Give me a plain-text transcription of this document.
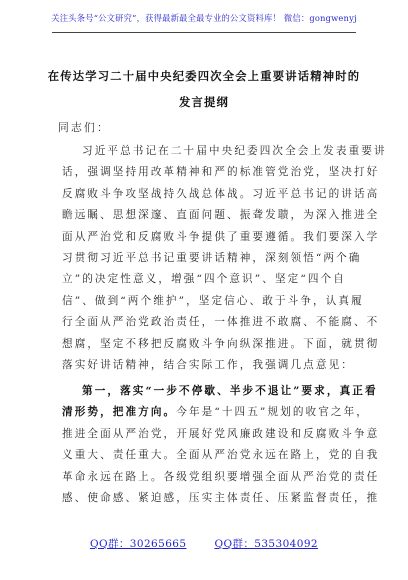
关注头条号“公文研究”，获得最新最全最专业的公文资料库！ 微信：gongwenyj
在传达学习二十届中央纪委四次全会上重要讲话精神时的
发言提纲
同志们：
习近平总书记在二十届中央纪委四次全会上发表重要讲
话，强调坚持用改革精神和严的标准管党治党，坚决打好
反腐败斗争攻坚战持久战总体战。习近平总书记的讲话高
瞻远瞩、思想深邃、直面问题、振聋发聩，为深入推进全
面从严治党和反腐败斗争提供了重要遵循。我们要深入学
习贯彻习近平总书记重要讲话精神，深刻领悟“两个确
立”的决定性意义，增强“四个意识”、坚定“四个自
信”、做到“两个维护”，坚定信心、敢于斗争，认真履
行全面从严治党政治责任，一体推进不敢腐、不能腐、不
想腐，坚定不移把反腐败斗争向纵深推进。下面，就贯彻
落实好讲话精神，结合实际工作，我强调几点意见：
第一，落实“一步不停歇、半步不退让”要求，真正看
清形势，把准方向。今年是“十四五”规划的收官之年，
推进全面从严治党，开展好党风廉政建设和反腐败斗争意
义重大、责任重大。全面从严治党永远在路上，党的自我
革命永远在路上。各级党组织要增强全面从严治党的责任
感、使命感、紧迫感，压实主体责任、压紧监督责任，推
QQ群：30265665	QQ群：535304092
